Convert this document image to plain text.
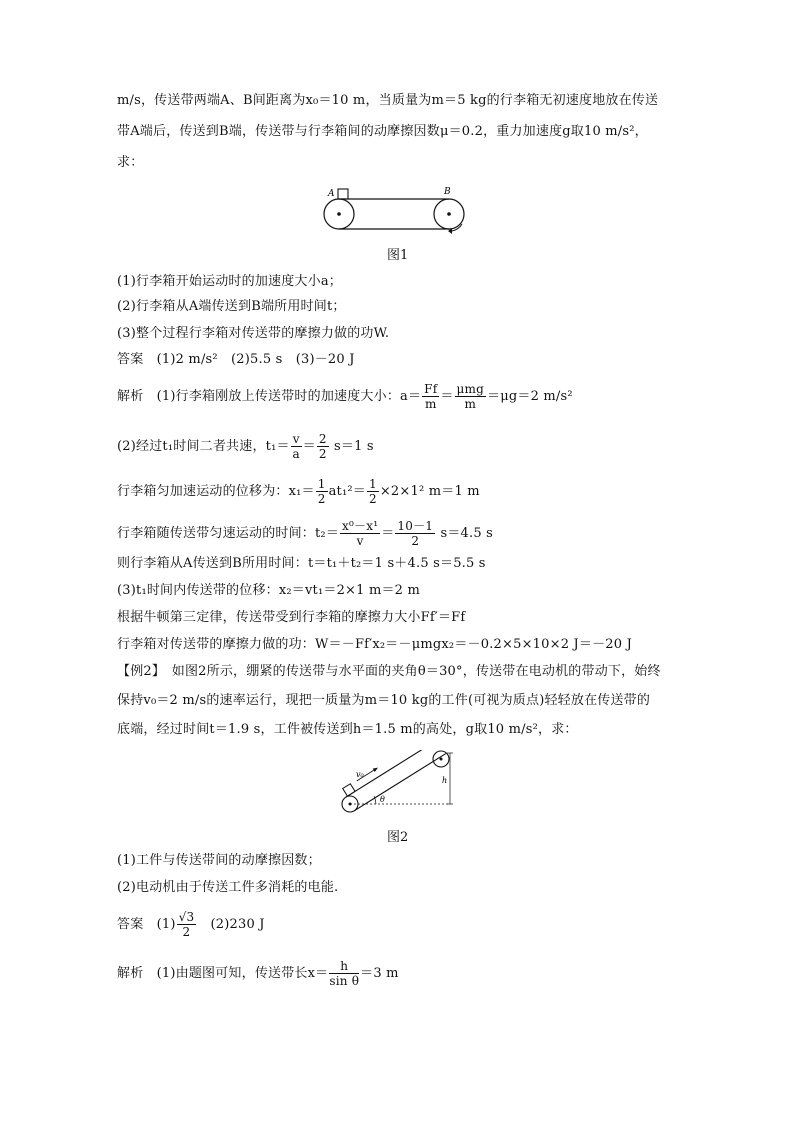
m/s，传送带两端A、B间距离为x₀＝10 m，当质量为m＝5 kg的行李箱无初速度地放在传送
带A端后，传送到B端，传送带与行李箱间的动摩擦因数μ＝0.2，重力加速度g取10 m/s²，
求：
A	B
图1
(1)行李箱开始运动时的加速度大小a；
(2)行李箱从A端传送到B端所用时间t；
(3)整个过程行李箱对传送带的摩擦力做的功W.
答案　(1)2 m/s²　(2)5.5 s　(3)－20 J
解析　(1)行李箱刚放上传送带时的加速度大小：$a= \frac{Ff}{m} = \frac{\text{μmg}}{m} =\mu g=2$ m/s²
(2)经过t₁时间二者共速，$t_1= \frac{v}{a} = \frac{2}{2} s=1$ s
行李箱匀加速运动的位移为：$x_1= \frac{1}{2} at_1^2= \frac{1}{2} \times 2\times 1^2$ m＝1 m
行李箱随传送带匀速运动的时间：$t_2= \frac{\text{x⁰－x¹}}{v} = \frac{10-1}{2} s=4.5$ s
则行李箱从A传送到B所用时间：t＝t₁＋t₂＝1 s＋4.5 s＝5.5 s
(3)t₁时间内传送带的位移：x₂＝vt₁＝2×1 m＝2 m
根据牛顿第三定律，传送带受到行李箱的摩擦力大小Ff′＝Ff
行李箱对传送带的摩擦力做的功：W＝－Ff′x₂＝－μmgx₂＝－0.2×5×10×2 J＝－20 J
【例2】　如图2所示，绷紧的传送带与水平面的夹角θ＝30°，传送带在电动机的带动下，始终
保持v₀＝2 m/s的速率运行，现把一质量为m＝10 kg的工件(可视为质点)轻轻放在传送带的
底端，经过时间t＝1.9 s，工件被传送到h＝1.5 m的高处，g取10 m/s²，求：
θ
h
v₀
图2
(1)工件与传送带间的动摩擦因数；
(2)电动机由于传送工件多消耗的电能.
答案　$(1) \frac{√3}{2}$ 　(2)230 J
解析　(1)由题图可知，传送带长$x= \frac{h}{\text{sin θ}} =3$ m
